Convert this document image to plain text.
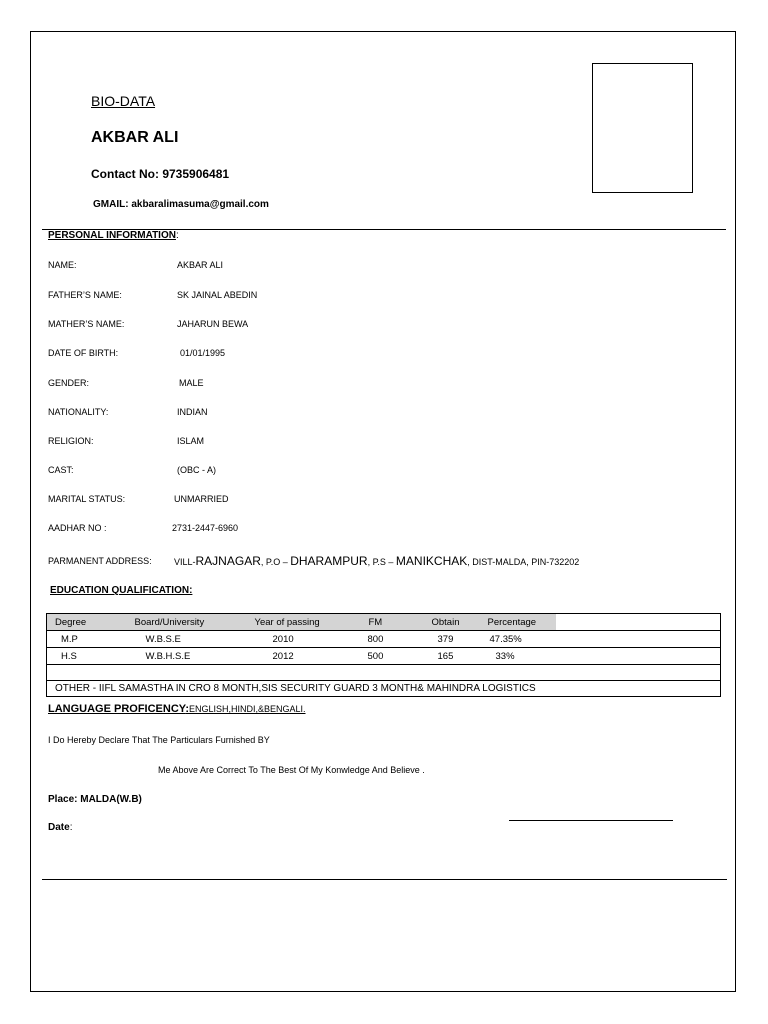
BIO-DATA
AKBAR ALI
Contact No: 9735906481
GMAIL: akbaralimasuma@gmail.com
PERSONAL INFORMATION:
NAME:	AKBAR ALI
FATHER’S NAME:	SK JAINAL ABEDIN
MATHER’S NAME:	JAHARUN BEWA
DATE OF BIRTH:	01/01/1995
GENDER:	MALE
NATIONALITY:	INDIAN
RELIGION:	ISLAM
CAST:	(OBC - A)
MARITAL STATUS:	UNMARRIED
AADHAR NO :	2731-2447-6960
PARMANENT ADDRESS: VILL-RAJNAGAR, P.O – DHARAMPUR, P.S – MANIKCHAK, DIST-MALDA, PIN-732202
EDUCATION QUALIFICATION:
Degree	Board/University	Year of passing	FM	Obtain	Percentage	
M.P	W.B.S.E	2010	800	379	47.35%	
H.S	W.B.H.S.E	2012	500	165	33%	

OTHER - IIFL SAMASTHA IN CRO 8 MONTH,SIS SECURITY GUARD 3 MONTH& MAHINDRA LOGISTICS						
LANGUAGE PROFICENCY:ENGLISH,HINDI,&BENGALI.
I Do Hereby Declare That The Particulars Furnished BY
Me Above Are Correct To The Best Of My Konwledge And Believe .
Place: MALDA(W.B)
Date:
